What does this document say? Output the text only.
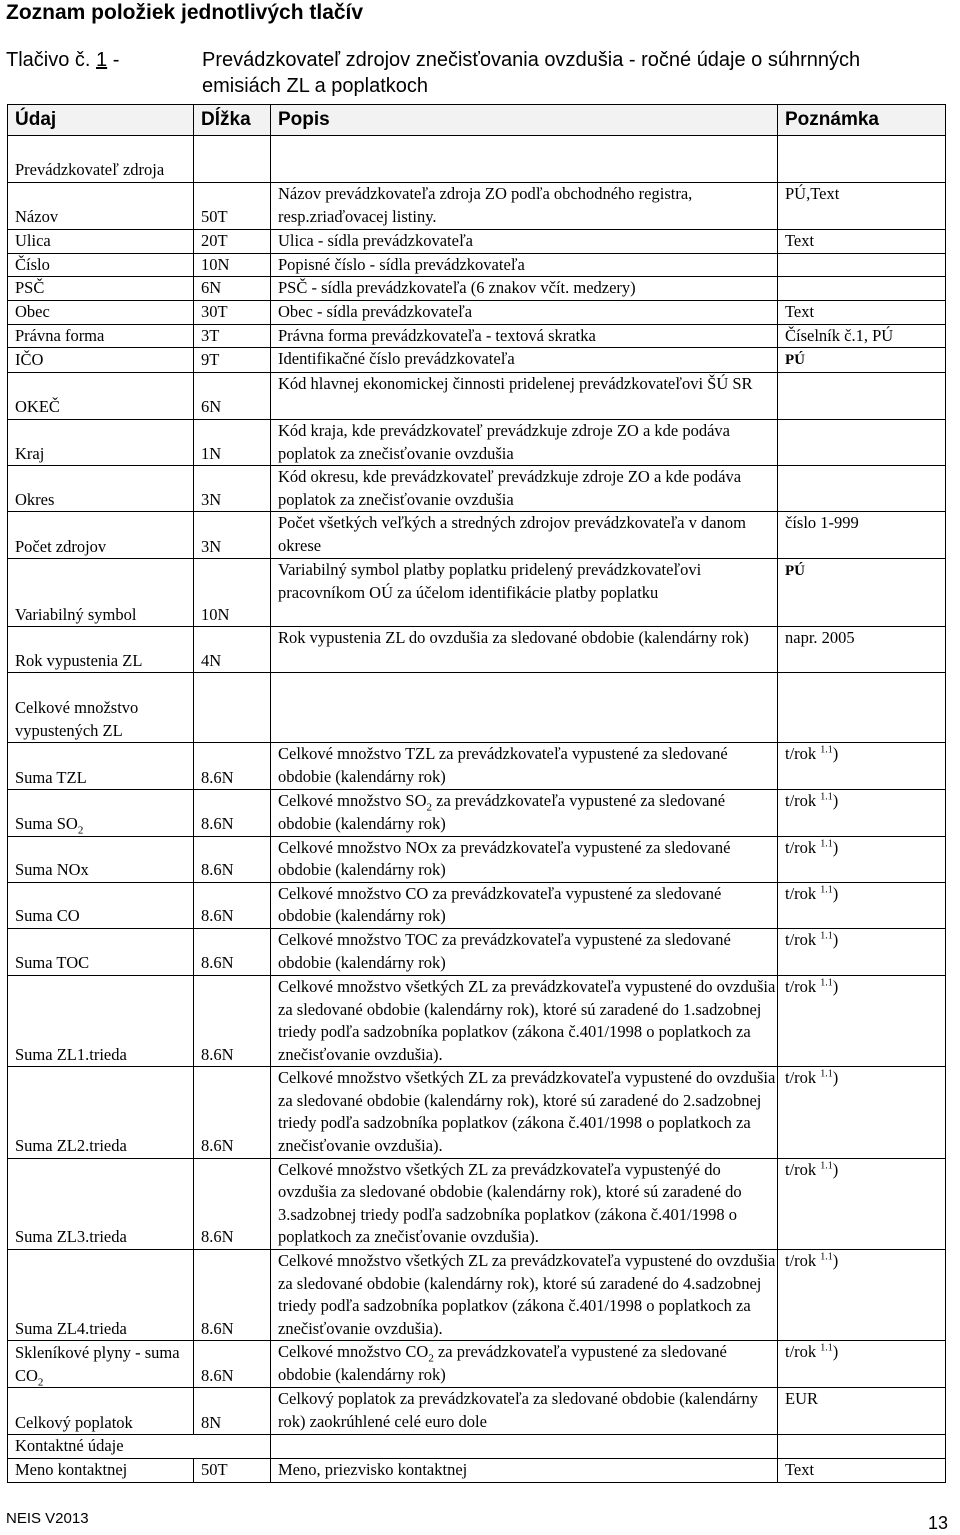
Zoznam položiek jednotlivých tlačív
Tlačivo č. 1 -	Prevádzkovateľ zdrojov znečisťovania ovzdušia - ročné údaje o súhrnných emisiách ZL a poplatkoch
Údaj	Dĺžka	Popis	Poznámka
Prevádzkovateľ zdroja			
Názov	50T	Názov prevádzkovateľa zdroja ZO podľa obchodného registra, resp.zriaďovacej listiny.	PÚ,Text
Ulica	20T	Ulica - sídla prevádzkovateľa	Text
Číslo	10N	Popisné číslo - sídla prevádzkovateľa	
PSČ	6N	PSČ - sídla prevádzkovateľa (6 znakov včít. medzery)	
Obec	30T	Obec - sídla prevádzkovateľa	Text
Právna forma	3T	Právna forma prevádzkovateľa - textová skratka	Číselník č.1, PÚ
IČO	9T	Identifikačné číslo prevádzkovateľa	PÚ
OKEČ	6N	Kód hlavnej ekonomickej činnosti pridelenej prevádzkovateľovi ŠÚ SR	
Kraj	1N	Kód kraja, kde prevádzkovateľ prevádzkuje zdroje ZO a kde podáva poplatok za znečisťovanie ovzdušia	
Okres	3N	Kód okresu, kde prevádzkovateľ prevádzkuje zdroje ZO a kde podáva poplatok za znečisťovanie ovzdušia	
Počet zdrojov	3N	Počet všetkých veľkých a stredných zdrojov prevádzkovateľa v danom okrese	číslo 1-999
Variabilný symbol	10N	Variabilný symbol platby poplatku pridelený prevádzkovateľovi pracovníkom OÚ za účelom identifikácie platby poplatku	PÚ
Rok vypustenia ZL	4N	Rok vypustenia ZL do ovzdušia za sledované obdobie (kalendárny rok)	napr. 2005
Celkové množstvo vypustených ZL			
Suma TZL	8.6N	Celkové množstvo TZL za prevádzkovateľa vypustené za sledované obdobie (kalendárny rok)	t/rok $^{1.1}$)
Suma $SO_2$	8.6N	Celkové množstvo $SO_2$ za prevádzkovateľa vypustené za sledované obdobie (kalendárny rok)	t/rok $^{1.1}$)
Suma NOx	8.6N	Celkové množstvo NOx za prevádzkovateľa vypustené za sledované obdobie (kalendárny rok)	t/rok $^{1.1}$)
Suma CO	8.6N	Celkové množstvo CO za prevádzkovateľa vypustené za sledované obdobie (kalendárny rok)	t/rok $^{1.1}$)
Suma TOC	8.6N	Celkové množstvo TOC za prevádzkovateľa vypustené za sledované obdobie (kalendárny rok)	t/rok $^{1.1}$)
Suma ZL1.trieda	8.6N	Celkové množstvo všetkých ZL za prevádzkovateľa vypustené do ovzdušia za sledované obdobie (kalendárny rok), ktoré sú zaradené do 1.sadzobnej triedy podľa sadzobníka poplatkov (zákona č.401/1998 o poplatkoch za znečisťovanie ovzdušia).	t/rok $^{1.1}$)
Suma ZL2.trieda	8.6N	Celkové množstvo všetkých ZL za prevádzkovateľa vypustené do ovzdušia za sledované obdobie (kalendárny rok), ktoré sú zaradené do 2.sadzobnej triedy podľa sadzobníka poplatkov (zákona č.401/1998 o poplatkoch za znečisťovanie ovzdušia).	t/rok $^{1.1}$)
Suma ZL3.trieda	8.6N	Celkové množstvo všetkých ZL za prevádzkovateľa vypustenýé do ovzdušia za sledované obdobie (kalendárny rok), ktoré sú zaradené do 3.sadzobnej triedy podľa sadzobníka poplatkov (zákona č.401/1998 o poplatkoch za znečisťovanie ovzdušia).	t/rok $^{1.1}$)
Suma ZL4.trieda	8.6N	Celkové množstvo všetkých ZL za prevádzkovateľa vypustené do ovzdušia za sledované obdobie (kalendárny rok), ktoré sú zaradené do 4.sadzobnej triedy podľa sadzobníka poplatkov (zákona č.401/1998 o poplatkoch za znečisťovanie ovzdušia).	t/rok $^{1.1}$)
Skleníkové plyny - suma $CO_2$	8.6N	Celkové množstvo $CO_2$ za prevádzkovateľa vypustené za sledované obdobie (kalendárny rok)	t/rok $^{1.1}$)
Celkový poplatok	8N	Celkový poplatok za prevádzkovateľa za sledované obdobie (kalendárny rok) zaokrúhlené celé euro dole	EUR
Kontaktné údaje			
Meno kontaktnej	50T	Meno, priezvisko kontaktnej	Text
NEIS V2013	13
